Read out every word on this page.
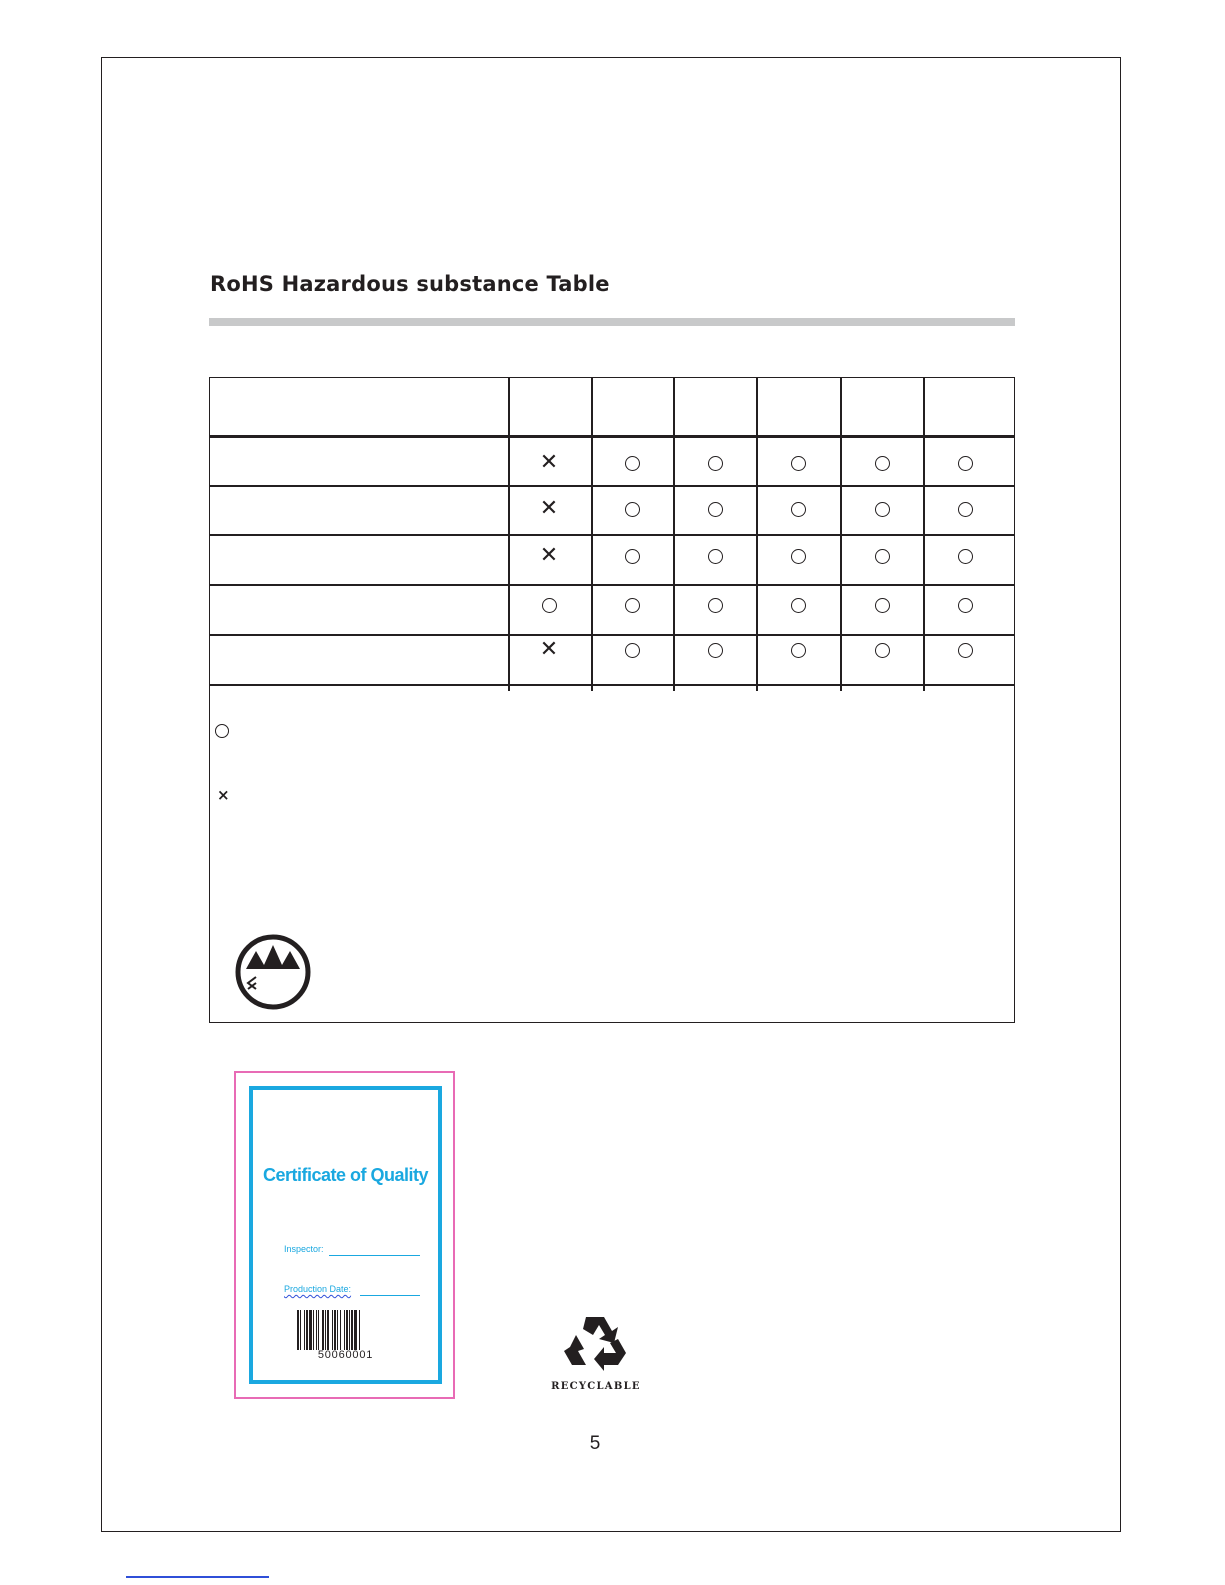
RoHS Hazardous substance Table
×
✕
✕
✕
✕
Certificate of Quality
Inspector:
Production Date:
50060001
RECYCLABLE
5
